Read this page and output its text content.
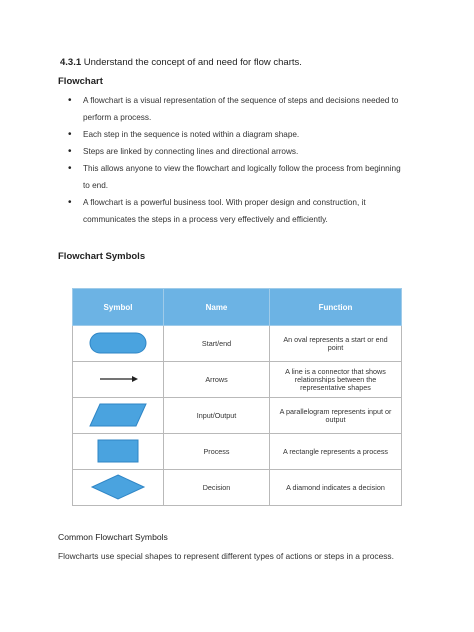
4.3.1 Understand the concept of and need for flow charts.
Flowchart
• A flowchart is a visual representation of the sequence of steps and decisions needed to perform a process.
• Each step in the sequence is noted within a diagram shape.
• Steps are linked by connecting lines and directional arrows.
• This allows anyone to view the flowchart and logically follow the process from beginning to end.
• A flowchart is a powerful business tool. With proper design and construction, it communicates the steps in a process very effectively and efficiently.
Flowchart Symbols
Symbol	Name	Function
	Start/end	An oval represents a start or end point
	Arrows	A line is a connector that shows relationships between the representative shapes
	Input/Output	A parallelogram represents input or output
	Process	A rectangle represents a process
	Decision	A diamond indicates a decision
Common Flowchart Symbols
Flowcharts use special shapes to represent different types of actions or steps in a process.
